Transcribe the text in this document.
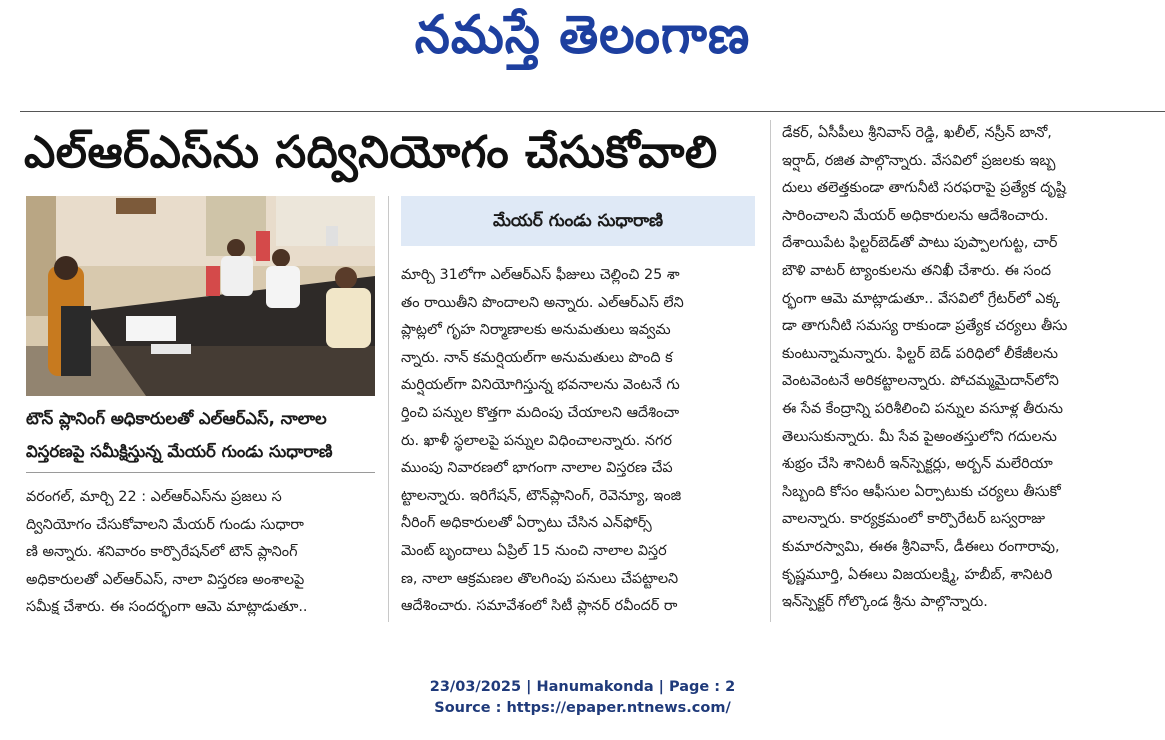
నమస్తే తెలంగాణ
ఎల్‌ఆర్‌ఎస్‌ను సద్వినియోగం చేసుకోవాలి
టౌన్ ప్లానింగ్ అధికారులతో ఎల్‌ఆర్‌ఎస్, నాలాల
విస్తరణపై సమీక్షిస్తున్న మేయర్ గుండు సుధారాణి
వరంగల్, మార్చి 22 : ఎల్‌ఆర్‌ఎస్‌ను ప్రజలు స
ద్వినియోగం చేసుకోవాలని మేయర్ గుండు సుధారా
ణి అన్నారు. శనివారం కార్పొరేషన్‌లో టౌన్ ప్లానింగ్
అధికారులతో ఎల్‌ఆర్‌ఎస్, నాలా విస్తరణ అంశాలపై
సమీక్ష చేశారు. ఈ సందర్భంగా ఆమె మాట్లాడుతూ..
మేయర్ గుండు సుధారాణి
మార్చి 31లోగా ఎల్‌ఆర్‌ఎస్ ఫీజులు చెల్లించి 25 శా
తం రాయితీని పొందాలని అన్నారు. ఎల్‌ఆర్‌ఎస్ లేని
ప్లాట్లలో గృహ నిర్మాణాలకు అనుమతులు ఇవ్వమ
న్నారు. నాన్ కమర్షియల్‌గా అనుమతులు పొంది క
మర్షియల్‌గా వినియోగిస్తున్న భవనాలను వెంటనే గు
ర్తించి పన్నుల కొత్తగా మదింపు చేయాలని ఆదేశించా
రు. ఖాళీ స్థలాలపై పన్నుల విధించాలన్నారు. నగర
ముంపు నివారణలో భాగంగా నాలాల విస్తరణ చేప
ట్టాలన్నారు. ఇరిగేషన్, టౌన్‌ప్లానింగ్, రెవెన్యూ, ఇంజి
నీరింగ్ అధికారులతో ఏర్పాటు చేసిన ఎన్‌ఫోర్స్
మెంట్ బృందాలు ఏప్రిల్ 15 నుంచి నాలాల విస్తర
ణ, నాలా ఆక్రమణల తొలగింపు పనులు చేపట్టాలని
ఆదేశించారు. సమావేశంలో సిటీ ప్లానర్ రవీందర్ రా
డేకర్, ఏసీపీలు శ్రీనివాస్ రెడ్డి, ఖలీల్, నస్రీన్ బానో,
ఇర్షాద్, రజిత పాల్గొన్నారు. వేసవిలో ప్రజలకు ఇబ్బ
దులు తలెత్తకుండా తాగునీటి సరఫరాపై ప్రత్యేక దృష్టి
సారించాలని మేయర్ అధికారులను ఆదేశించారు.
దేశాయిపేట ఫిల్టర్‌బెడ్‌తో పాటు పుప్పాలగుట్ట, చార్
బౌళి వాటర్ ట్యాంకులను తనిఖీ చేశారు. ఈ సంద
ర్భంగా ఆమె మాట్లాడుతూ.. వేసవిలో గ్రేటర్‌లో ఎక్క
డా తాగునీటి సమస్య రాకుండా ప్రత్యేక చర్యలు తీసు
కుంటున్నామన్నారు. ఫిల్టర్ బెడ్ పరిధిలో లీకేజీలను
వెంటవెంటనే అరికట్టాలన్నారు. పోచమ్మమైదాన్‌లోని
ఈ సేవ కేంద్రాన్ని పరిశీలించి పన్నుల వసూళ్ల తీరును
తెలుసుకున్నారు. మీ సేవ పైఅంతస్తులోని గదులను
శుభ్రం చేసి శానిటరీ ఇన్‌స్పెక్టర్లు, అర్బన్ మలేరియా
సిబ్బంది కోసం ఆఫీసుల ఏర్పాటుకు చర్యలు తీసుకో
వాలన్నారు. కార్యక్రమంలో కార్పొరేటర్ బస్వరాజు
కుమారస్వామి, ఈఈ శ్రీనివాస్, డీఈలు రంగారావు,
కృష్ణమూర్తి, ఏఈలు విజయలక్ష్మి, హబీబ్, శానిటరి
ఇన్‌స్పెక్టర్ గోల్కొండ శ్రీను పాల్గొన్నారు.
23/03/2025 | Hanumakonda | Page : 2
Source : https://epaper.ntnews.com/
